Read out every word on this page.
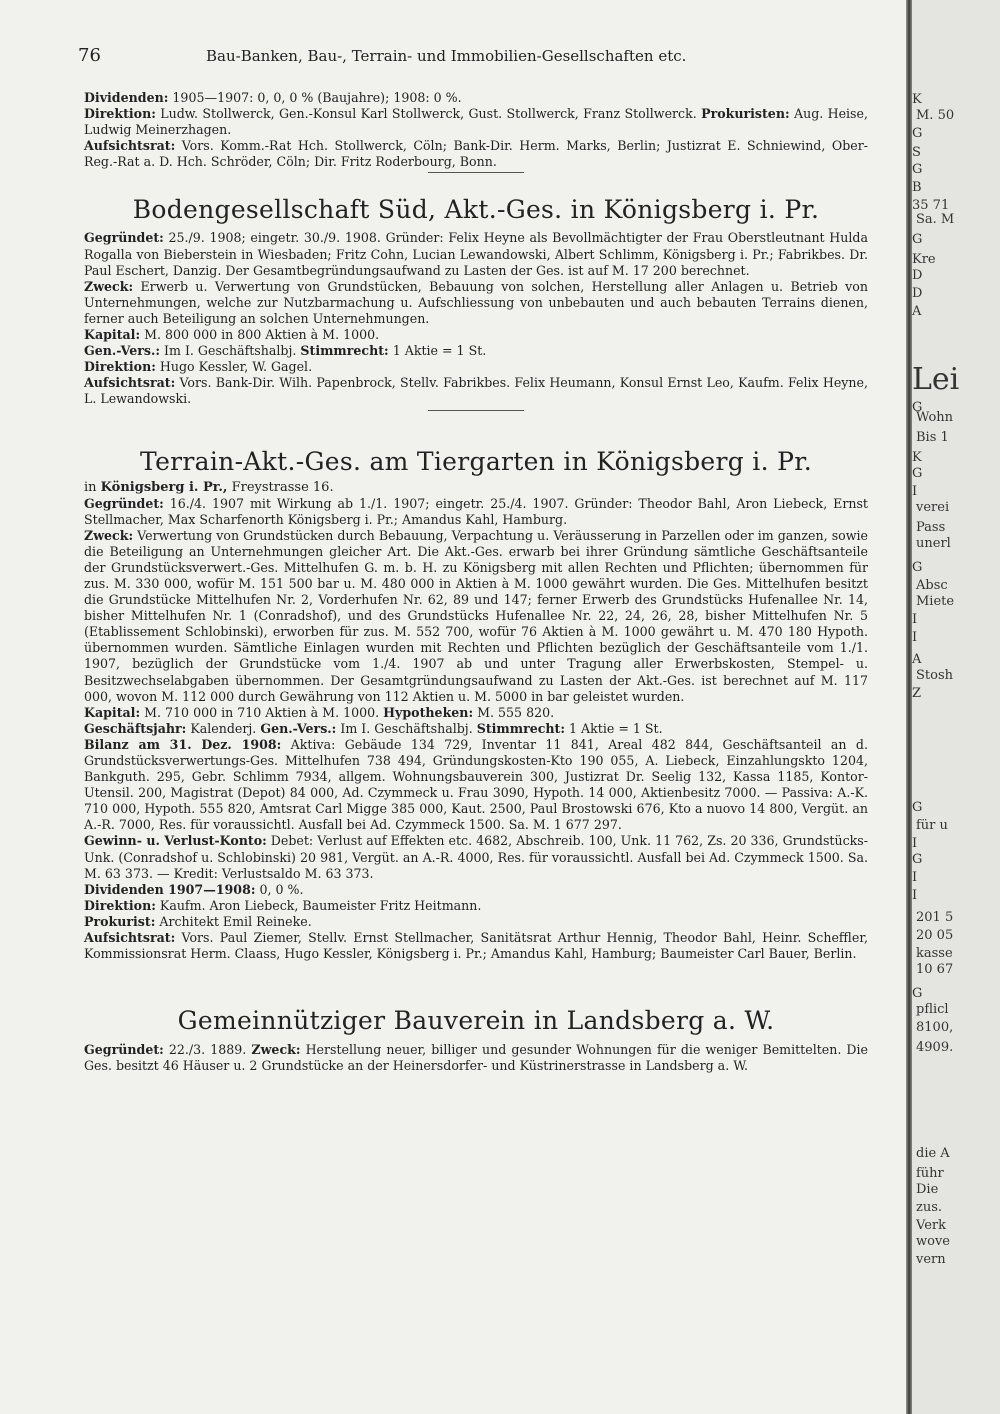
76	Bau-Banken, Bau-, Terrain- und Immobilien-Gesellschaften etc.

Dividenden: 1905—1907: 0, 0, 0 % (Baujahre); 1908: 0 %.

Direktion: Ludw. Stollwerck, Gen.-Konsul Karl Stollwerck, Gust. Stollwerck, Franz Stollwerck. Prokuristen: Aug. Heise, Ludwig Meinerzhagen.

Aufsichtsrat: Vors. Komm.-Rat Hch. Stollwerck, Cöln; Bank-Dir. Herm. Marks, Berlin; Justizrat E. Schniewind, Ober-Reg.-Rat a. D. Hch. Schröder, Cöln; Dir. Fritz Roderbourg, Bonn.

Bodengesellschaft Süd, Akt.-Ges. in Königsberg i. Pr.

Gegründet: 25./9. 1908; eingetr. 30./9. 1908. Gründer: Felix Heyne als Bevollmächtigter der Frau Oberstleutnant Hulda Rogalla von Bieberstein in Wiesbaden; Fritz Cohn, Lucian Lewandowski, Albert Schlimm, Königsberg i. Pr.; Fabrikbes. Dr. Paul Eschert, Danzig. Der Gesamtbegründungsaufwand zu Lasten der Ges. ist auf M. 17 200 berechnet.

Zweck: Erwerb u. Verwertung von Grundstücken, Bebauung von solchen, Herstellung aller Anlagen u. Betrieb von Unternehmungen, welche zur Nutzbarmachung u. Aufschliessung von unbebauten und auch bebauten Terrains dienen, ferner auch Beteiligung an solchen Unternehmungen.

Kapital: M. 800 000 in 800 Aktien à M. 1000.

Gen.-Vers.: Im I. Geschäftshalbj. Stimmrecht: 1 Aktie = 1 St.

Direktion: Hugo Kessler, W. Gagel.

Aufsichtsrat: Vors. Bank-Dir. Wilh. Papenbrock, Stellv. Fabrikbes. Felix Heumann, Konsul Ernst Leo, Kaufm. Felix Heyne, L. Lewandowski.

Terrain-Akt.-Ges. am Tiergarten in Königsberg i. Pr.

in Königsberg i. Pr., Freystrasse 16.

Gegründet: 16./4. 1907 mit Wirkung ab 1./1. 1907; eingetr. 25./4. 1907. Gründer: Theodor Bahl, Aron Liebeck, Ernst Stellmacher, Max Scharfenorth Königsberg i. Pr.; Amandus Kahl, Hamburg.

Zweck: Verwertung von Grundstücken durch Bebauung, Verpachtung u. Veräusserung in Parzellen oder im ganzen, sowie die Beteiligung an Unternehmungen gleicher Art. Die Akt.-Ges. erwarb bei ihrer Gründung sämtliche Geschäftsanteile der Grundstücksverwert.-Ges. Mittelhufen G. m. b. H. zu Königsberg mit allen Rechten und Pflichten; übernommen für zus. M. 330 000, wofür M. 151 500 bar u. M. 480 000 in Aktien à M. 1000 gewährt wurden. Die Ges. Mittelhufen besitzt die Grundstücke Mittelhufen Nr. 2, Vorderhufen Nr. 62, 89 und 147; ferner Erwerb des Grundstücks Hufenallee Nr. 14, bisher Mittelhufen Nr. 1 (Conradshof), und des Grundstücks Hufenallee Nr. 22, 24, 26, 28, bisher Mittelhufen Nr. 5 (Etablissement Schlobinski), erworben für zus. M. 552 700, wofür 76 Aktien à M. 1000 gewährt u. M. 470 180 Hypoth. übernommen wurden. Sämtliche Einlagen wurden mit Rechten und Pflichten bezüglich der Geschäftsanteile vom 1./1. 1907, bezüglich der Grundstücke vom 1./4. 1907 ab und unter Tragung aller Erwerbskosten, Stempel- u. Besitzwechselabgaben übernommen. Der Gesamtgründungsaufwand zu Lasten der Akt.-Ges. ist berechnet auf M. 117 000, wovon M. 112 000 durch Gewährung von 112 Aktien u. M. 5000 in bar geleistet wurden.

Kapital: M. 710 000 in 710 Aktien à M. 1000. Hypotheken: M. 555 820.

Geschäftsjahr: Kalenderj. Gen.-Vers.: Im I. Geschäftshalbj. Stimmrecht: 1 Aktie = 1 St.

Bilanz am 31. Dez. 1908: Aktiva: Gebäude 134 729, Inventar 11 841, Areal 482 844, Geschäftsanteil an d. Grundstücksverwertungs-Ges. Mittelhufen 738 494, Gründungskosten-Kto 190 055, A. Liebeck, Einzahlungskto 1204, Bankguth. 295, Gebr. Schlimm 7934, allgem. Wohnungsbauverein 300, Justizrat Dr. Seelig 132, Kassa 1185, Kontor-Utensil. 200, Magistrat (Depot) 84 000, Ad. Czymmeck u. Frau 3090, Hypoth. 14 000, Aktienbesitz 7000. — Passiva: A.-K. 710 000, Hypoth. 555 820, Amtsrat Carl Migge 385 000, Kaut. 2500, Paul Brostowski 676, Kto a nuovo 14 800, Vergüt. an A.-R. 7000, Res. für voraussichtl. Ausfall bei Ad. Czymmeck 1500. Sa. M. 1 677 297.

Gewinn- u. Verlust-Konto: Debet: Verlust auf Effekten etc. 4682, Abschreib. 100, Unk. 11 762, Zs. 20 336, Grundstücks-Unk. (Conradshof u. Schlobinski) 20 981, Vergüt. an A.-R. 4000, Res. für voraussichtl. Ausfall bei Ad. Czymmeck 1500. Sa. M. 63 373. — Kredit: Verlustsaldo M. 63 373.

Dividenden 1907—1908: 0, 0 %.

Direktion: Kaufm. Aron Liebeck, Baumeister Fritz Heitmann.

Prokurist: Architekt Emil Reineke.

Aufsichtsrat: Vors. Paul Ziemer, Stellv. Ernst Stellmacher, Sanitätsrat Arthur Hennig, Theodor Bahl, Heinr. Scheffler, Kommissionsrat Herm. Claass, Hugo Kessler, Königsberg i. Pr.; Amandus Kahl, Hamburg; Baumeister Carl Bauer, Berlin.

Gemeinnütziger Bauverein in Landsberg a. W.

Gegründet: 22./3. 1889. Zweck: Herstellung neuer, billiger und gesunder Wohnungen für die weniger Bemittelten. Die Ges. besitzt 46 Häuser u. 2 Grundstücke an der Heinersdorfer- und Küstrinerstrasse in Landsberg a. W.

K
M. 50
G
S
G
B
35 71
Sa. M
G
Kre
D
D
A
Lei
G
Wohn
Bis 1
K
G
I
verei
Pass
unerl
G
Absc
Miete
I
I
A
Stosh
Z
G
für u
I
G
I
I
201 5
20 05
kasse
10 67
G
pflicl
8100,
4909.
die A
führ
Die
zus.
Verk
wove
vern
